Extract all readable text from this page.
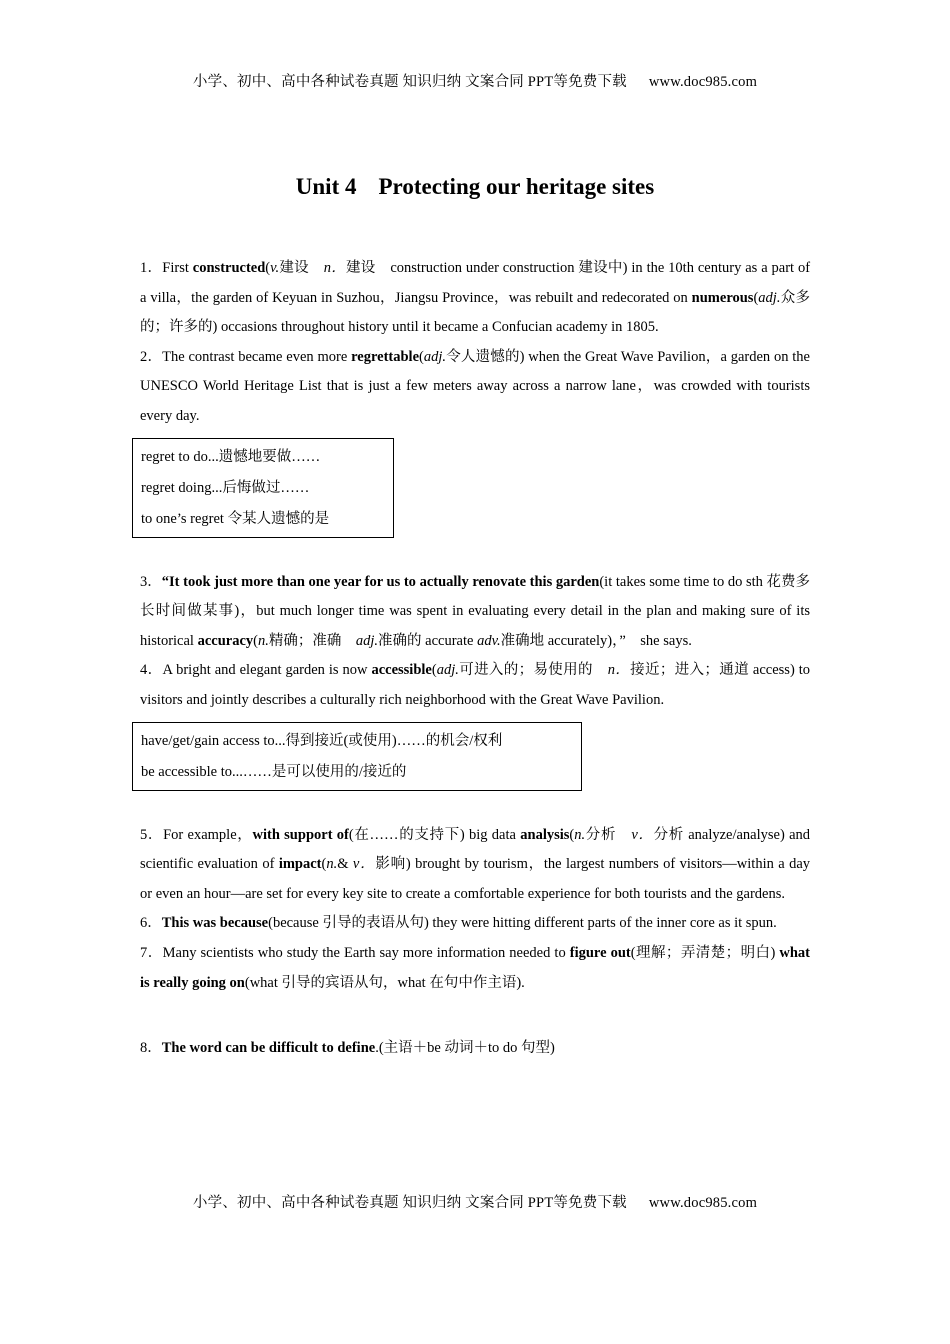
小学、初中、高中各种试卷真题 知识归纳 文案合同 PPT等免费下载 www.doc985.com
Unit 4 Protecting our heritage sites

1．First constructed(v.建设　n．建设　construction under construction 建设中) in the 10th century as a part of a villa，the garden of Keyuan in Suzhou，Jiangsu Province，was rebuilt and redecorated on numerous(adj.众多的；许多的) occasions throughout history until it became a Confucian academy in 1805.

2．The contrast became even more regrettable(adj.令人遗憾的) when the Great Wave Pavilion，a garden on the UNESCO World Heritage List that is just a few meters away across a narrow lane，was crowded with tourists every day.

regret to do...遗憾地要做……
regret doing...后悔做过……
to one’s regret 令某人遗憾的是

3．“It took just more than one year for us to actually renovate this garden(it takes some time to do sth 花费多长时间做某事)，but much longer time was spent in evaluating every detail in the plan and making sure of its historical accuracy(n.精确；准确　adj.准确的 accurate adv.准确地 accurately)，”　she says.

4．A bright and elegant garden is now accessible(adj.可进入的；易使用的　n．接近；进入；通道 access) to visitors and jointly describes a culturally rich neighborhood with the Great Wave Pavilion.

have/get/gain access to...得到接近(或使用)……的机会/权利
be accessible to...……是可以使用的/接近的

5．For example，with support of(在……的支持下) big data analysis(n.分析　v．分析 analyze/analyse) and scientific evaluation of impact(n.& v．影响) brought by tourism，the largest numbers of visitors—within a day or even an hour—are set for every key site to create a comfortable experience for both tourists and the gardens.

6．This was because(because 引导的表语从句) they were hitting different parts of the inner core as it spun.

7．Many scientists who study the Earth say more information needed to figure out(理解；弄清楚；明白) what is really going on(what 引导的宾语从句，what 在句中作主语).

8．The word can be difficult to define.(主语＋be 动词＋to do 句型)

小学、初中、高中各种试卷真题 知识归纳 文案合同 PPT等免费下载 www.doc985.com
